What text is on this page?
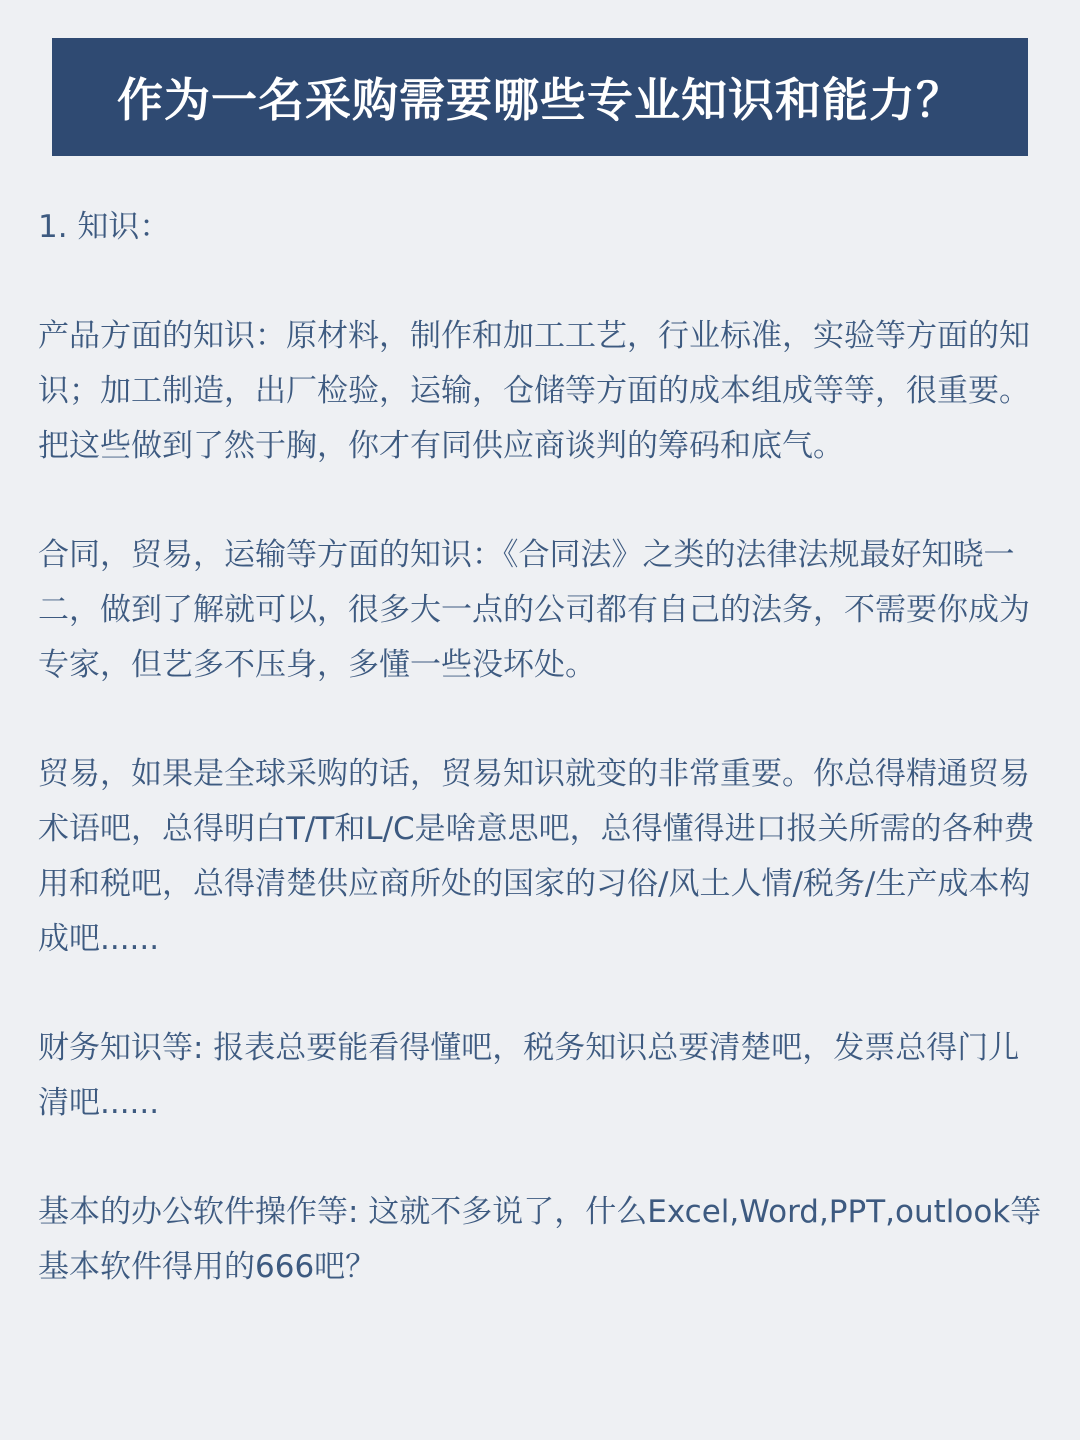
作为一名采购需要哪些专业知识和能力？

1. 知识：

产品方面的知识：原材料，制作和加工工艺，行业标准，实验等方面的知识；加工制造，出厂检验，运输，仓储等方面的成本组成等等，很重要。把这些做到了然于胸，你才有同供应商谈判的筹码和底气。

合同，贸易，运输等方面的知识：《合同法》之类的法律法规最好知晓一二，做到了解就可以，很多大一点的公司都有自己的法务，不需要你成为专家，但艺多不压身，多懂一些没坏处。

贸易，如果是全球采购的话，贸易知识就变的非常重要。你总得精通贸易术语吧，总得明白T/T和L/C是啥意思吧，总得懂得进口报关所需的各种费用和税吧，总得清楚供应商所处的国家的习俗/风土人情/税务/生产成本构成吧......

财务知识等: 报表总要能看得懂吧，税务知识总要清楚吧，发票总得门儿清吧......

基本的办公软件操作等: 这就不多说了，什么Excel,Word,PPT,outlook等基本软件得用的666吧？
